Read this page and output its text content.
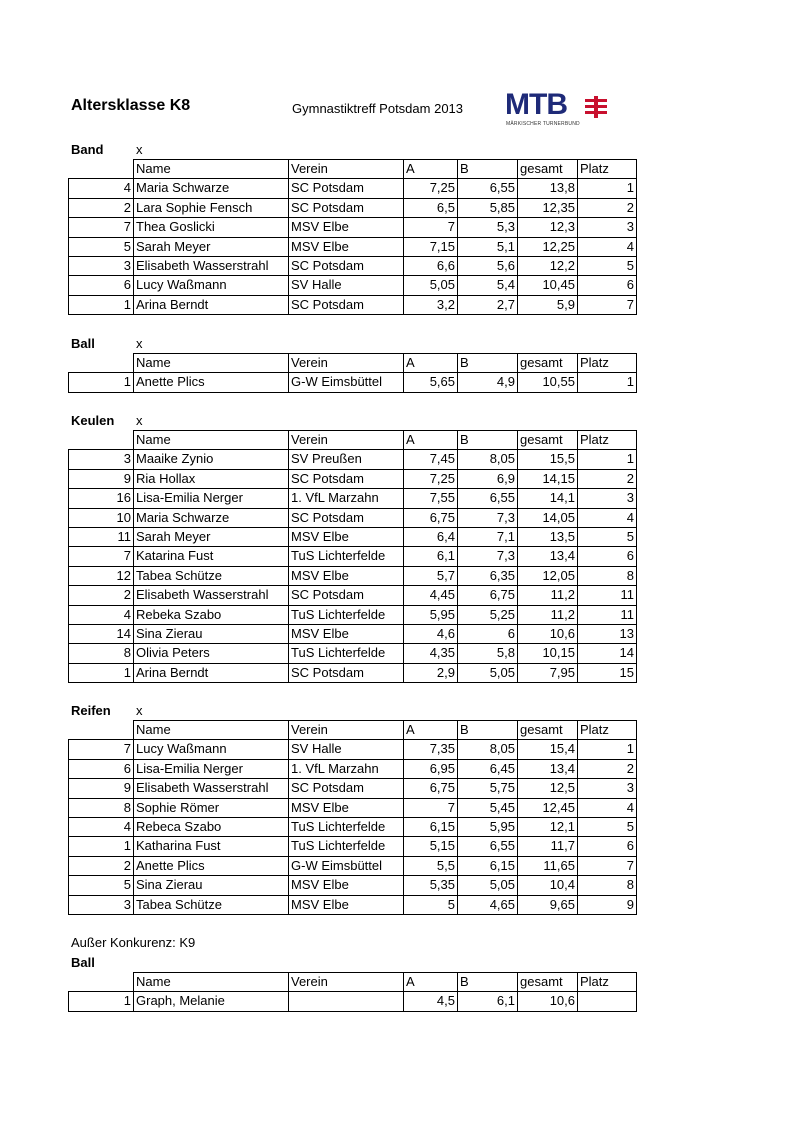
Altersklasse K8	Gymnastiktreff Potsdam 2013 MTB
MÄRKISCHER TURNERBUND
Band	x
	Name	Verein	A	B	gesamt	Platz
4	Maria Schwarze	SC Potsdam	7,25	6,55	13,8	1
2	Lara Sophie Fensch	SC Potsdam	6,5	5,85	12,35	2
7	Thea Goslicki	MSV Elbe	7	5,3	12,3	3
5	Sarah Meyer	MSV Elbe	7,15	5,1	12,25	4
3	Elisabeth Wasserstrahl	SC Potsdam	6,6	5,6	12,2	5
6	Lucy Waßmann	SV Halle	5,05	5,4	10,45	6
1	Arina Berndt	SC Potsdam	3,2	2,7	5,9	7
Ball	x
	Name	Verein	A	B	gesamt	Platz
1	Anette Plics	G-W Eimsbüttel	5,65	4,9	10,55	1
Keulen x
	Name	Verein	A	B	gesamt	Platz
3	Maaike Zynio	SV Preußen	7,45	8,05	15,5	1
9	Ria Hollax	SC Potsdam	7,25	6,9	14,15	2
16	Lisa-Emilia Nerger	1. VfL Marzahn	7,55	6,55	14,1	3
10	Maria Schwarze	SC Potsdam	6,75	7,3	14,05	4
11	Sarah Meyer	MSV Elbe	6,4	7,1	13,5	5
7	Katarina Fust	TuS Lichterfelde	6,1	7,3	13,4	6
12	Tabea Schütze	MSV Elbe	5,7	6,35	12,05	8
2	Elisabeth Wasserstrahl	SC Potsdam	4,45	6,75	11,2	11
4	Rebeka Szabo	TuS Lichterfelde	5,95	5,25	11,2	11
14	Sina Zierau	MSV Elbe	4,6	6	10,6	13
8	Olivia Peters	TuS Lichterfelde	4,35	5,8	10,15	14
1	Arina Berndt	SC Potsdam	2,9	5,05	7,95	15
Reifen x
	Name	Verein	A	B	gesamt	Platz
7	Lucy Waßmann	SV Halle	7,35	8,05	15,4	1
6	Lisa-Emilia Nerger	1. VfL Marzahn	6,95	6,45	13,4	2
9	Elisabeth Wasserstrahl	SC Potsdam	6,75	5,75	12,5	3
8	Sophie Römer	MSV Elbe	7	5,45	12,45	4
4	Rebeca Szabo	TuS Lichterfelde	6,15	5,95	12,1	5
1	Katharina Fust	TuS Lichterfelde	5,15	6,55	11,7	6
2	Anette Plics	G-W Eimsbüttel	5,5	6,15	11,65	7
5	Sina Zierau	MSV Elbe	5,35	5,05	10,4	8
3	Tabea Schütze	MSV Elbe	5	4,65	9,65	9
	Name	Verein	A	B	gesamt	Platz
1	Graph, Melanie		4,5	6,1	10,6	
Außer Konkurenz: K9
Ball
